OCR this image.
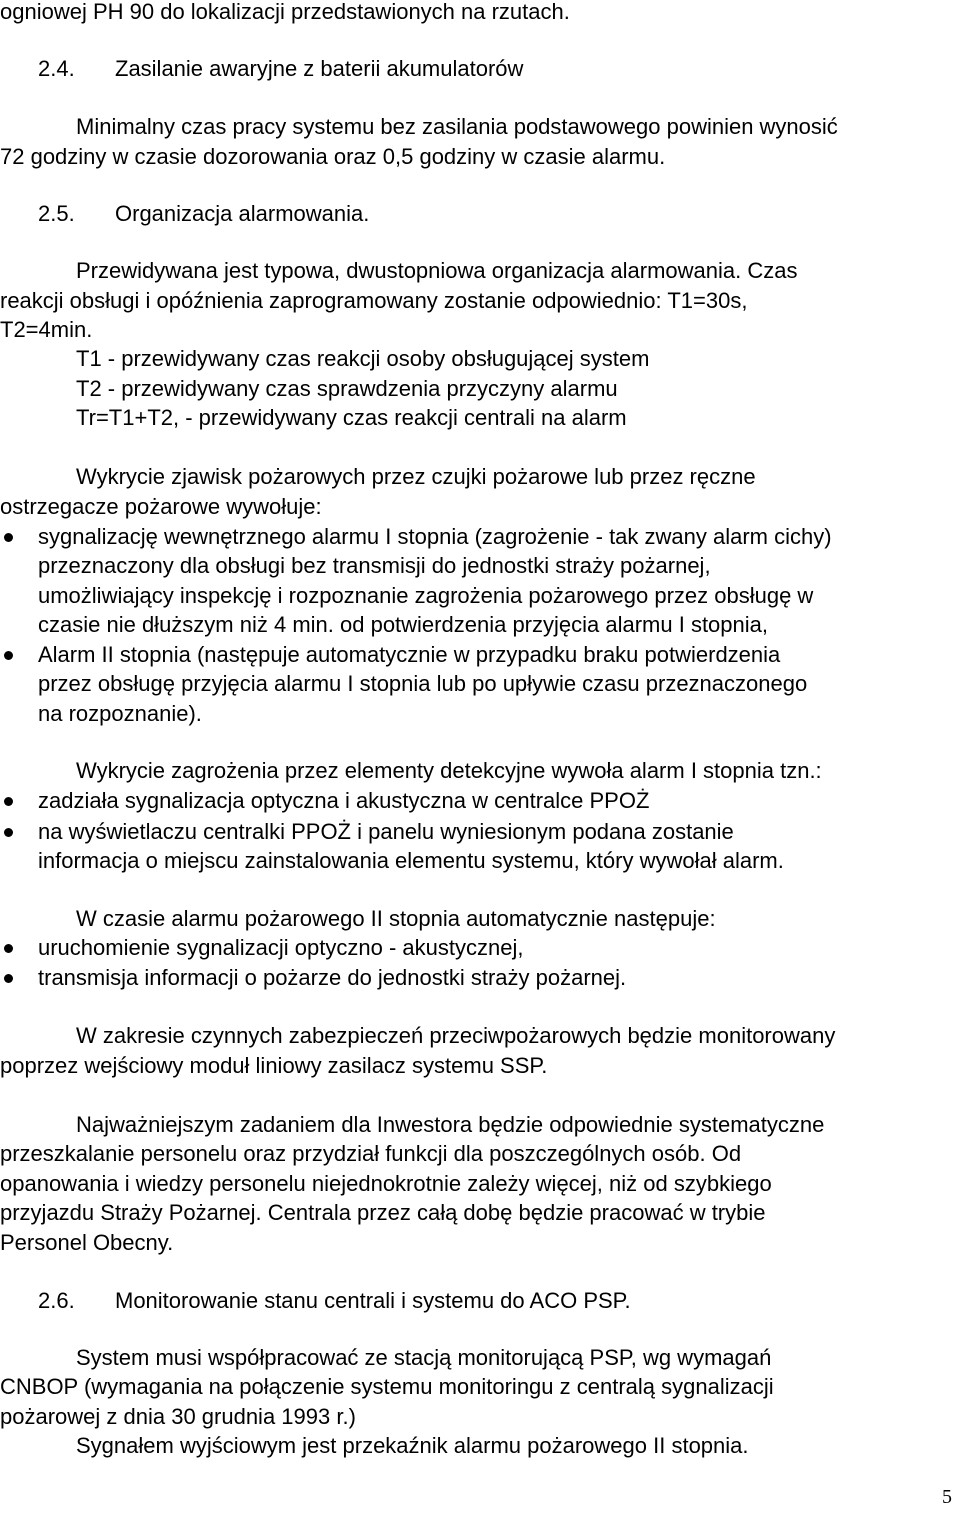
ogniowej PH 90 do lokalizacji przedstawionych na rzutach.
2.4. Zasilanie awaryjne z baterii akumulatorów
Minimalny czas pracy systemu bez zasilania podstawowego powinien wynosić
72 godziny w czasie dozorowania oraz 0,5 godziny w czasie alarmu.
2.5. Organizacja alarmowania.
Przewidywana jest typowa, dwustopniowa organizacja alarmowania. Czas
reakcji obsługi i opóźnienia zaprogramowany zostanie odpowiednio: T1=30s,
T2=4min.
T1 - przewidywany czas reakcji osoby obsługującej system
T2 - przewidywany czas sprawdzenia przyczyny alarmu
Tr=T1+T2, - przewidywany czas reakcji centrali na alarm
Wykrycie zjawisk pożarowych przez czujki pożarowe lub przez ręczne
ostrzegacze pożarowe wywołuje:
sygnalizację wewnętrznego alarmu I stopnia (zagrożenie - tak zwany alarm cichy)
przeznaczony dla obsługi bez transmisji do jednostki straży pożarnej,
umożliwiający inspekcję i rozpoznanie zagrożenia pożarowego przez obsługę w
czasie nie dłuższym niż 4 min. od potwierdzenia przyjęcia alarmu I stopnia,
Alarm II stopnia (następuje automatycznie w przypadku braku potwierdzenia
przez obsługę przyjęcia alarmu I stopnia lub po upływie czasu przeznaczonego
na rozpoznanie).
Wykrycie zagrożenia przez elementy detekcyjne wywoła alarm I stopnia tzn.:
zadziała sygnalizacja optyczna i akustyczna w centralce PPOŻ
na wyświetlaczu centralki PPOŻ i panelu wyniesionym podana zostanie
informacja o miejscu zainstalowania elementu systemu, który wywołał alarm.
W czasie alarmu pożarowego II stopnia automatycznie następuje:
uruchomienie sygnalizacji optyczno - akustycznej,
transmisja informacji o pożarze do jednostki straży pożarnej.
W zakresie czynnych zabezpieczeń przeciwpożarowych będzie monitorowany
poprzez wejściowy moduł liniowy zasilacz systemu SSP.
Najważniejszym zadaniem dla Inwestora będzie odpowiednie systematyczne
przeszkalanie personelu oraz przydział funkcji dla poszczególnych osób. Od
opanowania i wiedzy personelu niejednokrotnie zależy więcej, niż od szybkiego
przyjazdu Straży Pożarnej. Centrala przez całą dobę będzie pracować w trybie
Personel Obecny.
2.6. Monitorowanie stanu centrali i systemu do ACO PSP.
System musi współpracować ze stacją monitorującą PSP, wg wymagań
CNBOP (wymagania na połączenie systemu monitoringu z centralą sygnalizacji
pożarowej z dnia 30 grudnia 1993 r.)
Sygnałem wyjściowym jest przekaźnik alarmu pożarowego II stopnia.
5
